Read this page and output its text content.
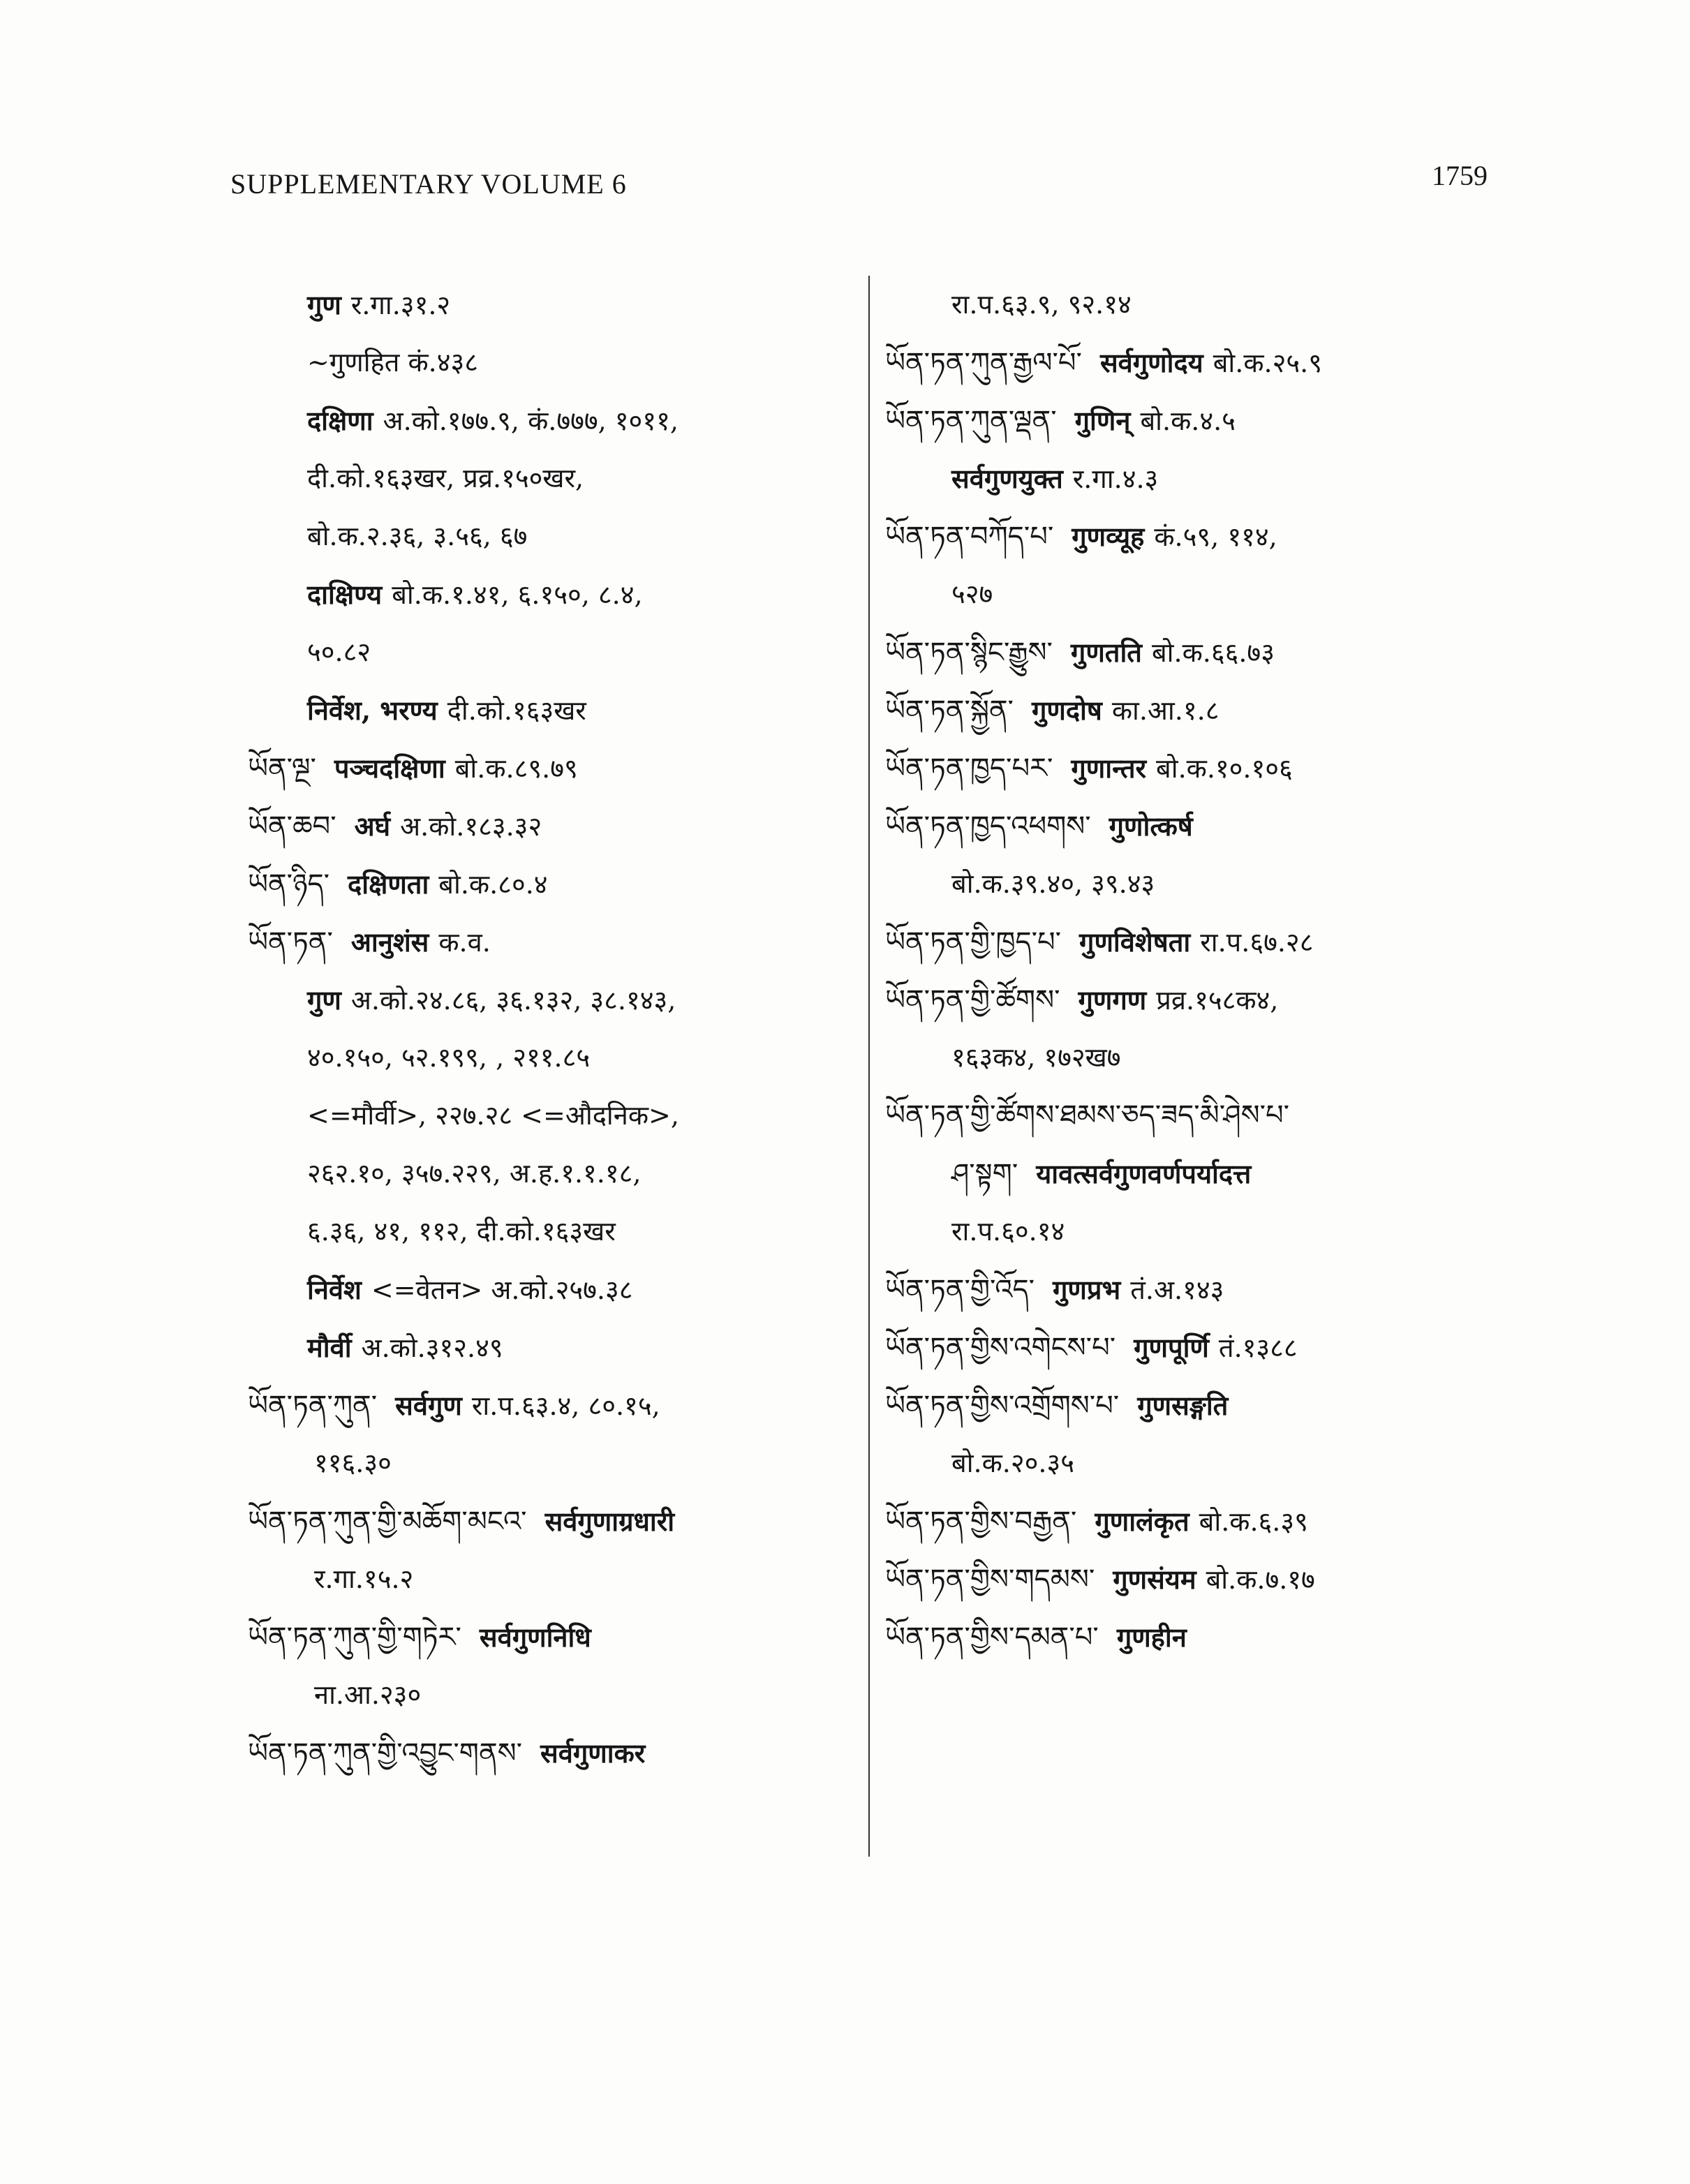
SUPPLEMENTARY VOLUME 6	1759
गुण र.गा.३१.२
~गुणहित कं.४३८
दक्षिणा अ.को.१७७.९, कं.७७७, १०११,
दी.को.१६३खर, प्रव्र.१५०खर,
बो.क.२.३६, ३.५६, ६७
दाक्षिण्य बो.क.१.४१, ६.१५०, ८.४,
५०.८२
निर्वेश, भरण्य दी.को.१६३खर
ཡོན་ལྔ་ पञ्चदक्षिणा बो.क.८९.७९
ཡོན་ཆབ་ अर्घ अ.को.१८३.३२
ཡོན་ཉིད་ दक्षिणता बो.क.८०.४
ཡོན་ཏན་ आनुशंस क.व.
गुण अ.को.२४.८६, ३६.१३२, ३८.१४३,
४०.१५०, ५२.१९९, , २११.८५
<=मौर्वी>, २२७.२८ <=औदनिक>,
२६२.१०, ३५७.२२९, अ.ह.१.१.१८,
६.३६, ४१, ११२, दी.को.१६३खर
निर्वेश <=वेतन> अ.को.२५७.३८
मौर्वी अ.को.३१२.४९
ཡོན་ཏན་ཀུན་ सर्वगुण रा.प.६३.४, ८०.१५,
११६.३०
ཡོན་ཏན་ཀུན་གྱི་མཆོག་མངའ་ सर्वगुणाग्रधारी
र.गा.१५.२
ཡོན་ཏན་ཀུན་གྱི་གཏེར་ सर्वगुणनिधि
ना.आ.२३०
ཡོན་ཏན་ཀུན་གྱི་འབྱུང་གནས་ सर्वगुणाकर
रा.प.६३.९, ९२.१४
ཡོན་ཏན་ཀུན་རྒྱལ་པོ་ सर्वगुणोदय बो.क.२५.९
ཡོན་ཏན་ཀུན་ལྡན་ गुणिन् बो.क.४.५
सर्वगुणयुक्त र.गा.४.३
ཡོན་ཏན་བཀོད་པ་ गुणव्यूह कं.५९, ११४,
५२७
ཡོན་ཏན་སྙིང་རྒྱུས་ गुणतति बो.क.६६.७३
ཡོན་ཏན་སྐྱོན་ गुणदोष का.आ.१.८
ཡོན་ཏན་ཁྱད་པར་ गुणान्तर बो.क.१०.१०६
ཡོན་ཏན་ཁྱད་འཕགས་ गुणोत्कर्ष
बो.क.३९.४०, ३९.४३
ཡོན་ཏན་གྱི་ཁྱད་པ་ गुणविशेषता रा.प.६७.२८
ཡོན་ཏན་གྱི་ཚོགས་ गुणगण प्रव्र.१५८क४,
१६३क४, १७२ख७
ཡོན་ཏན་གྱི་ཚོགས་ཐམས་ཅད་ཟད་མི་ཤེས་པ་
ཤ་སྟག་ यावत्सर्वगुणवर्णपर्यादत्त
रा.प.६०.१४
ཡོན་ཏན་གྱི་འོད་ गुणप्रभ तं.अ.१४३
ཡོན་ཏན་གྱིས་འགེངས་པ་ गुणपूर्णि तं.१३८८
ཡོན་ཏན་གྱིས་འགྲོགས་པ་ गुणसङ्गति
बो.क.२०.३५
ཡོན་ཏན་གྱིས་བརྒྱན་ गुणालंकृत बो.क.६.३९
ཡོན་ཏན་གྱིས་གདམས་ गुणसंयम बो.क.७.१७
ཡོན་ཏན་གྱིས་དམན་པ་ गुणहीन
